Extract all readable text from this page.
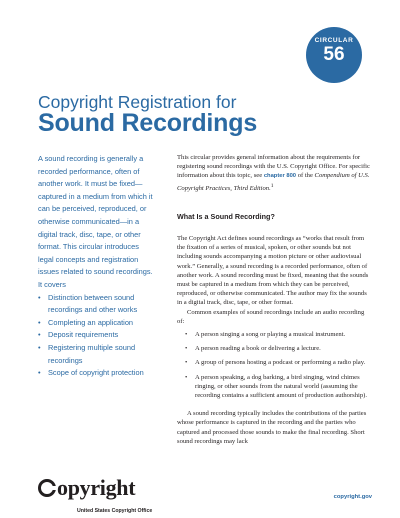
CIRCULAR
56
Copyright Registration for
Sound Recordings

A sound recording is generally a recorded performance, often of another work. It must be fixed—captured in a medium from which it can be perceived, reproduced, or otherwise communicated—in a digital track, disc, tape, or other format. This circular introduces legal concepts and registration issues related to sound recordings. It covers

• Distinction between sound recordings and other works
• Completing an application
• Deposit requirements
• Registering multiple sound recordings
• Scope of copyright protection

This circular provides general information about the requirements for registering sound recordings with the U.S. Copyright Office. For specific information about this topic, see chapter 800 of the Compendium of U.S. Copyright Practices, Third Edition.$^1$

What Is a Sound Recording?

The Copyright Act defines sound recordings as “works that result from the fixation of a series of musical, spoken, or other sounds but not including sounds accompanying a motion picture or other audiovisual work.” Generally, a sound recording is a recorded performance, often of another work. A sound recording must be fixed, meaning that the sounds must be captured in a medium from which they can be perceived, reproduced, or otherwise communicated. The author may fix the sounds in a digital track, disc, tape, or other format.

Common examples of sound recordings include an audio recording of:

• A person singing a song or playing a musical instrument.
• A person reading a book or delivering a lecture.
• A group of persons hosting a podcast or performing a radio play.
• A person speaking, a dog barking, a bird singing, wind chimes ringing, or other sounds from the natural world (assuming the recording contains a sufficient amount of production authorship).

A sound recording typically includes the contributions of the parties whose performance is captured in the recording and the parties who captured and processed those sounds to make the final recording. Short sound recordings may lack

opyright
United States Copyright Office
copyright.gov
